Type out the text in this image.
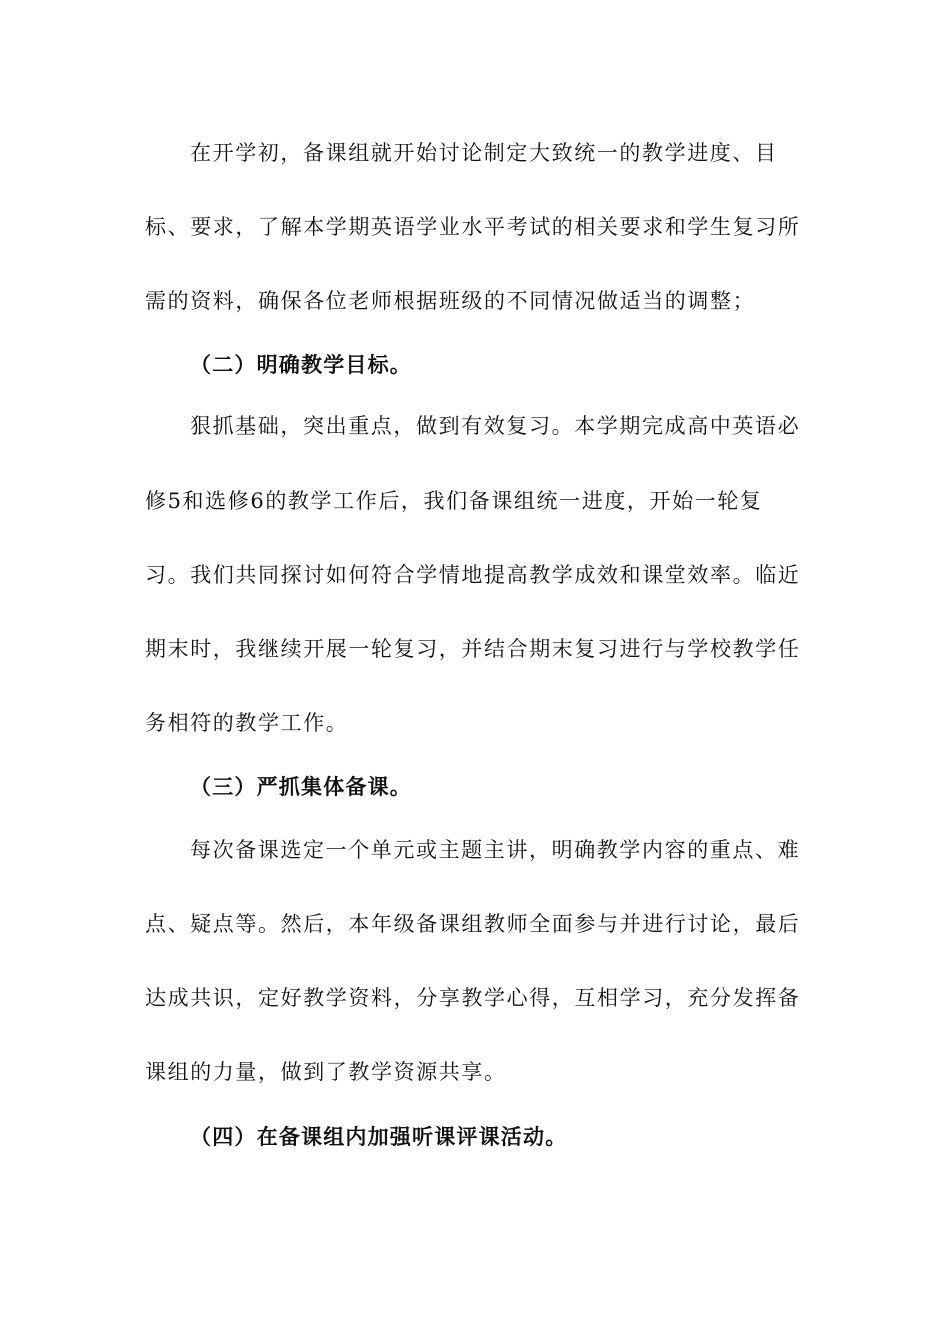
在开学初，备课组就开始讨论制定大致统一的教学进度、目
标、要求，了解本学期英语学业水平考试的相关要求和学生复习所
需的资料，确保各位老师根据班级的不同情况做适当的调整；
（二）明确教学目标。
狠抓基础，突出重点，做到有效复习。本学期完成高中英语必
修5和选修6的教学工作后，我们备课组统一进度，开始一轮复
习。我们共同探讨如何符合学情地提高教学成效和课堂效率。临近
期末时，我继续开展一轮复习，并结合期末复习进行与学校教学任
务相符的教学工作。
（三）严抓集体备课。
每次备课选定一个单元或主题主讲，明确教学内容的重点、难
点、疑点等。然后，本年级备课组教师全面参与并进行讨论，最后
达成共识，定好教学资料，分享教学心得，互相学习，充分发挥备
课组的力量，做到了教学资源共享。
（四）在备课组内加强听课评课活动。
